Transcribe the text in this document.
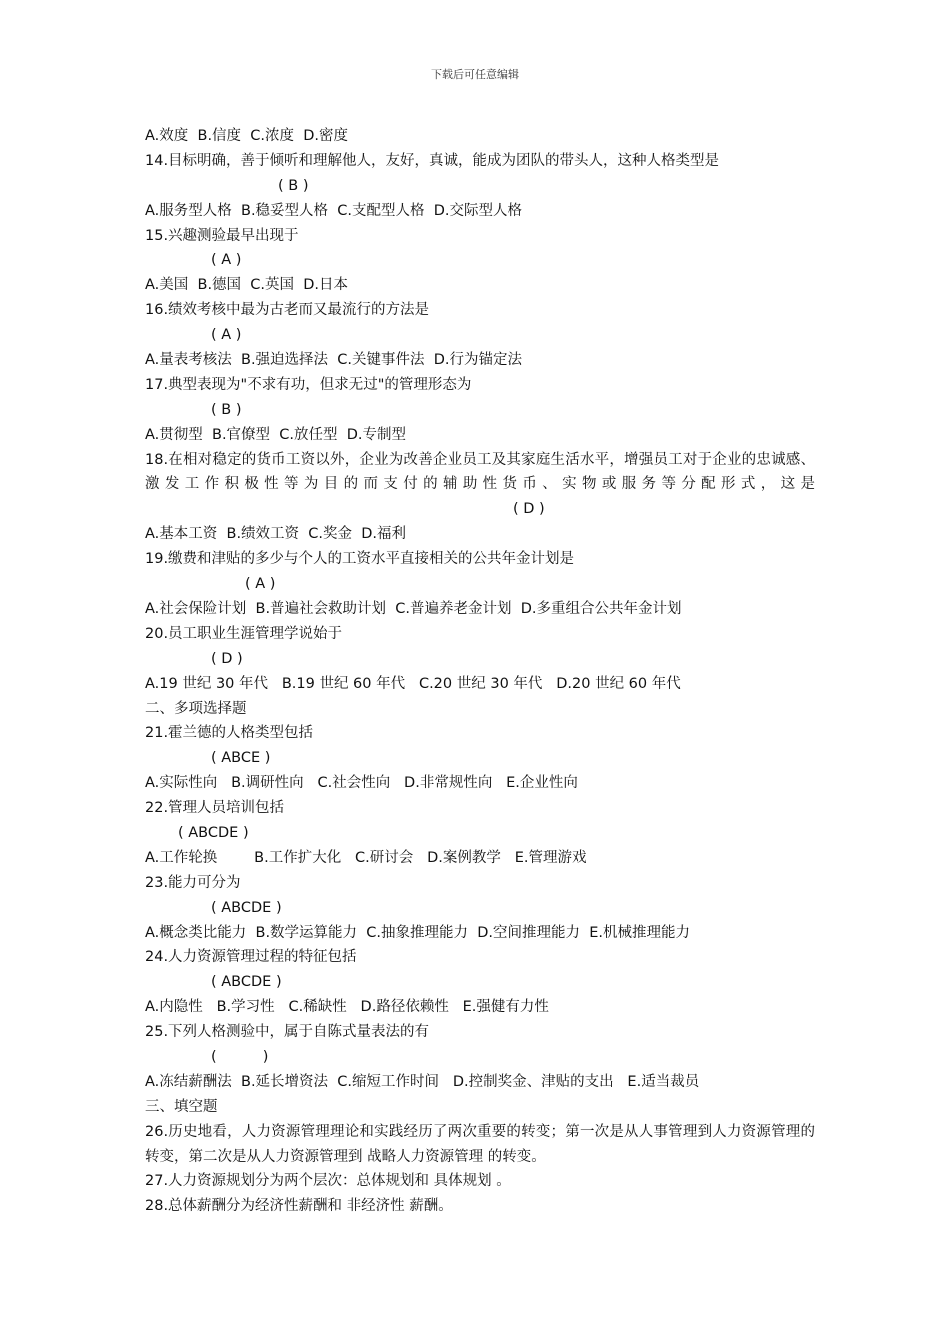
下载后可任意编辑
A.效度  B.信度  C.浓度  D.密度
14.目标明确，善于倾听和理解他人，友好，真诚，能成为团队的带头人，这种人格类型是
( B )
A.服务型人格  B.稳妥型人格  C.支配型人格  D.交际型人格
15.兴趣测验最早出现于
( A )
A.美国  B.德国  C.英国  D.日本
16.绩效考核中最为古老而又最流行的方法是
( A )
A.量表考核法  B.强迫选择法  C.关键事件法  D.行为锚定法
17.典型表现为"不求有功，但求无过"的管理形态为
( B )
A.贯彻型  B.官僚型  C.放任型  D.专制型
18.在相对稳定的货币工资以外，企业为改善企业员工及其家庭生活水平，增强员工对于企业的忠诚感、激发工作积极性等为目的而支付的辅助性货币、实物或服务等分配形式，这是( D )
A.基本工资  B.绩效工资  C.奖金  D.福利
19.缴费和津贴的多少与个人的工资水平直接相关的公共年金计划是
( A )
A.社会保险计划  B.普遍社会救助计划  C.普遍养老金计划  D.多重组合公共年金计划
20.员工职业生涯管理学说始于
( D )
A.19 世纪 30 年代   B.19 世纪 60 年代   C.20 世纪 30 年代   D.20 世纪 60 年代
二、多项选择题
21.霍兰德的人格类型包括
( ABCE )
A.实际性向   B.调研性向   C.社会性向   D.非常规性向   E.企业性向
22.管理人员培训包括
( ABCDE )
A.工作轮换        B.工作扩大化   C.研讨会   D.案例教学   E.管理游戏
23.能力可分为
( ABCDE )
A.概念类比能力  B.数学运算能力  C.抽象推理能力  D.空间推理能力  E.机械推理能力
24.人力资源管理过程的特征包括
( ABCDE )
A.内隐性   B.学习性   C.稀缺性   D.路径依赖性   E.强健有力性
25.下列人格测验中，属于自陈式量表法的有
(          )
A.冻结薪酬法  B.延长增资法  C.缩短工作时间   D.控制奖金、津贴的支出   E.适当裁员
三、填空题
26.历史地看，人力资源管理理论和实践经历了两次重要的转变；第一次是从人事管理到人力资源管理的转变，第二次是从人力资源管理到 战略人力资源管理 的转变。
27.人力资源规划分为两个层次：总体规划和 具体规划 。
28.总体薪酬分为经济性薪酬和 非经济性 薪酬。
